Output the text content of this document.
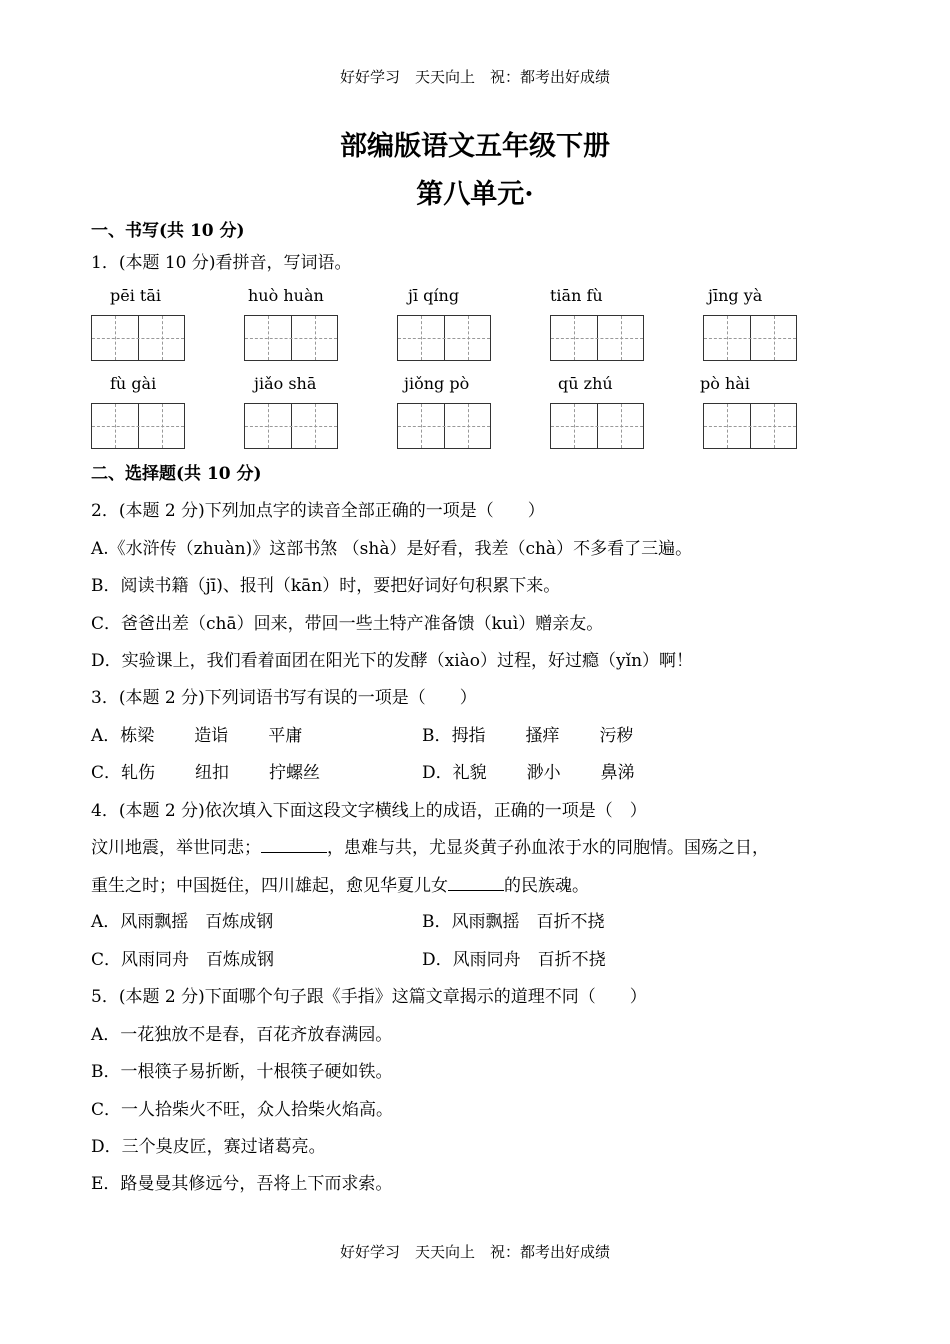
好好学习　天天向上　祝：都考出好成绩
部编版语文五年级下册
第八单元·
一、书写(共 10 分)
1．(本题 10 分)看拼音，写词语。
pēi tāi	huò huàn	jī qíng	tiān fù	jīng yà
fù gài	jiǎo shā	jiǒng pò	qū zhú	pò hài
二、选择题(共 10 分)
2．(本题 2 分)下列加点字的读音全部正确的一项是（　　）
A.《水浒传（zhuàn)》这部书煞 （shà）是好看，我差（chà）不多看了三遍。
B．阅读书籍（jī)、报刊（kān）时，要把好词好句积累下来。
C．爸爸出差（chā）回来，带回一些土特产准备馈（kuì）赠亲友。
D．实验课上，我们看着面团在阳光下的发酵（xiào）过程，好过瘾（yǐn）啊！
3．(本题 2 分)下列词语书写有误的一项是（　　）
A．栋梁 造诣 平庸	B．拇指 搔痒 污秽
C．轧伤 纽扣 拧螺丝	D．礼貌 渺小 鼻涕
4．(本题 2 分)依次填入下面这段文字横线上的成语，正确的一项是（　）
汶川地震，举世同悲；	，患难与共，尤显炎黄子孙血浓于水的同胞情。国殇之日，
重生之时；中国挺住，四川雄起，愈见华夏儿女	的民族魂。
A．风雨飘摇　百炼成钢	B．风雨飘摇　百折不挠
C．风雨同舟　百炼成钢	D．风雨同舟　百折不挠
5．(本题 2 分)下面哪个句子跟《手指》这篇文章揭示的道理不同（　　）
A．一花独放不是春，百花齐放春满园。
B．一根筷子易折断，十根筷子硬如铁。
C．一人拾柴火不旺，众人拾柴火焰高。
D．三个臭皮匠，赛过诸葛亮。
E．路曼曼其修远兮，吾将上下而求索。
好好学习　天天向上　祝：都考出好成绩
